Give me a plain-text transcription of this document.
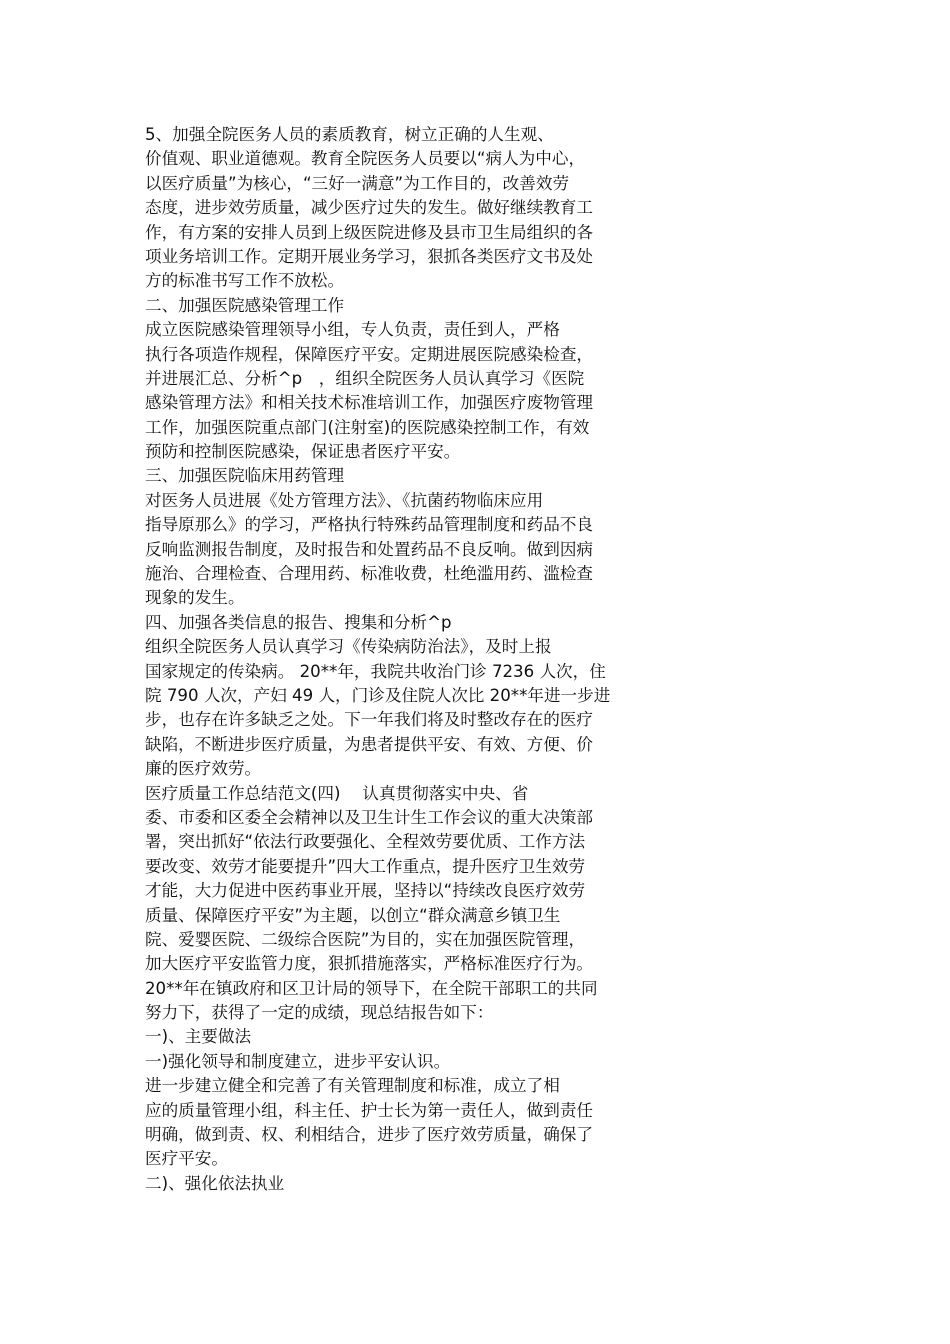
5、加强全院医务人员的素质教育，树立正确的人生观、
价值观、职业道德观。教育全院医务人员要以“病人为中心，
以医疗质量”为核心，“三好一满意”为工作目的，改善效劳
态度，进步效劳质量，减少医疗过失的发生。做好继续教育工
作，有方案的安排人员到上级医院进修及县市卫生局组织的各
项业务培训工作。定期开展业务学习，狠抓各类医疗文书及处
方的标准书写工作不放松。
二、加强医院感染管理工作
成立医院感染管理领导小组，专人负责，责任到人，严格
执行各项造作规程，保障医疗平安。定期进展医院感染检查，
并进展汇总、分析^p　，组织全院医务人员认真学习《医院
感染管理方法》和相关技术标准培训工作，加强医疗废物管理
工作，加强医院重点部门(注射室)的医院感染控制工作，有效
预防和控制医院感染，保证患者医疗平安。
三、加强医院临床用药管理
对医务人员进展《处方管理方法》、《抗菌药物临床应用
指导原那么》的学习，严格执行特殊药品管理制度和药品不良
反响监测报告制度，及时报告和处置药品不良反响。做到因病
施治、合理检查、合理用药、标准收费，杜绝滥用药、滥检查
现象的发生。
四、加强各类信息的报告、搜集和分析^p
组织全院医务人员认真学习《传染病防治法》，及时上报
国家规定的传染病。 20**年，我院共收治门诊 7236 人次，住
院 790 人次，产妇 49 人，门诊及住院人次比 20**年进一步进
步，也存在许多缺乏之处。下一年我们将及时整改存在的医疗
缺陷，不断进步医疗质量，为患者提供平安、有效、方便、价
廉的医疗效劳。
医疗质量工作总结范文(四)　 认真贯彻落实中央、省
委、市委和区委全会精神以及卫生计生工作会议的重大决策部
署，突出抓好“依法行政要强化、全程效劳要优质、工作方法
要改变、效劳才能要提升”四大工作重点，提升医疗卫生效劳
才能，大力促进中医药事业开展，坚持以“持续改良医疗效劳
质量、保障医疗平安”为主题，以创立“群众满意乡镇卫生
院、爱婴医院、二级综合医院”为目的，实在加强医院管理，
加大医疗平安监管力度，狠抓措施落实，严格标准医疗行为。
20**年在镇政府和区卫计局的领导下，在全院干部职工的共同
努力下，获得了一定的成绩，现总结报告如下：
一)、主要做法
一)强化领导和制度建立，进步平安认识。
进一步建立健全和完善了有关管理制度和标准，成立了相
应的质量管理小组，科主任、护士长为第一责任人，做到责任
明确，做到责、权、利相结合，进步了医疗效劳质量，确保了
医疗平安。
二)、强化依法执业
